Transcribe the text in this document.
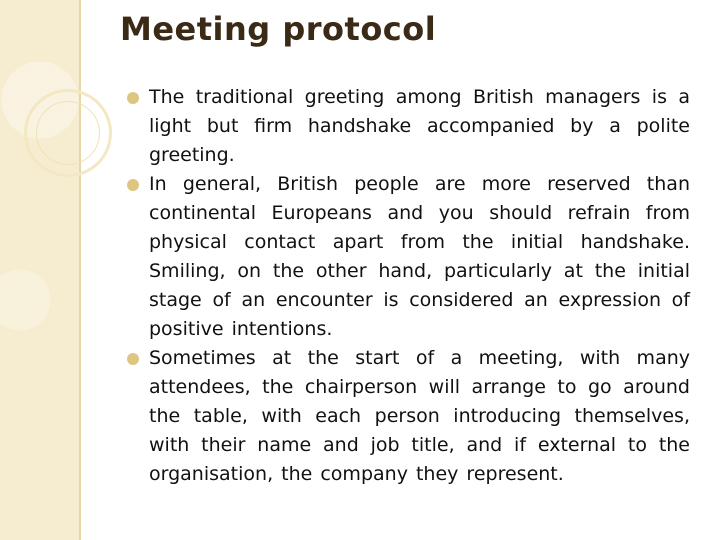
Meeting protocol

The traditional greeting among British managers is a light but firm handshake accompanied by a polite greeting.

In general, British people are more reserved than continental Europeans and you should refrain from physical contact apart from the initial handshake. Smiling, on the other hand, particularly at the initial stage of an encounter is considered an expression of positive intentions.

Sometimes at the start of a meeting, with many attendees, the chairperson will arrange to go around the table, with each person introducing themselves, with their name and job title, and if external to the organisation, the company they represent.
